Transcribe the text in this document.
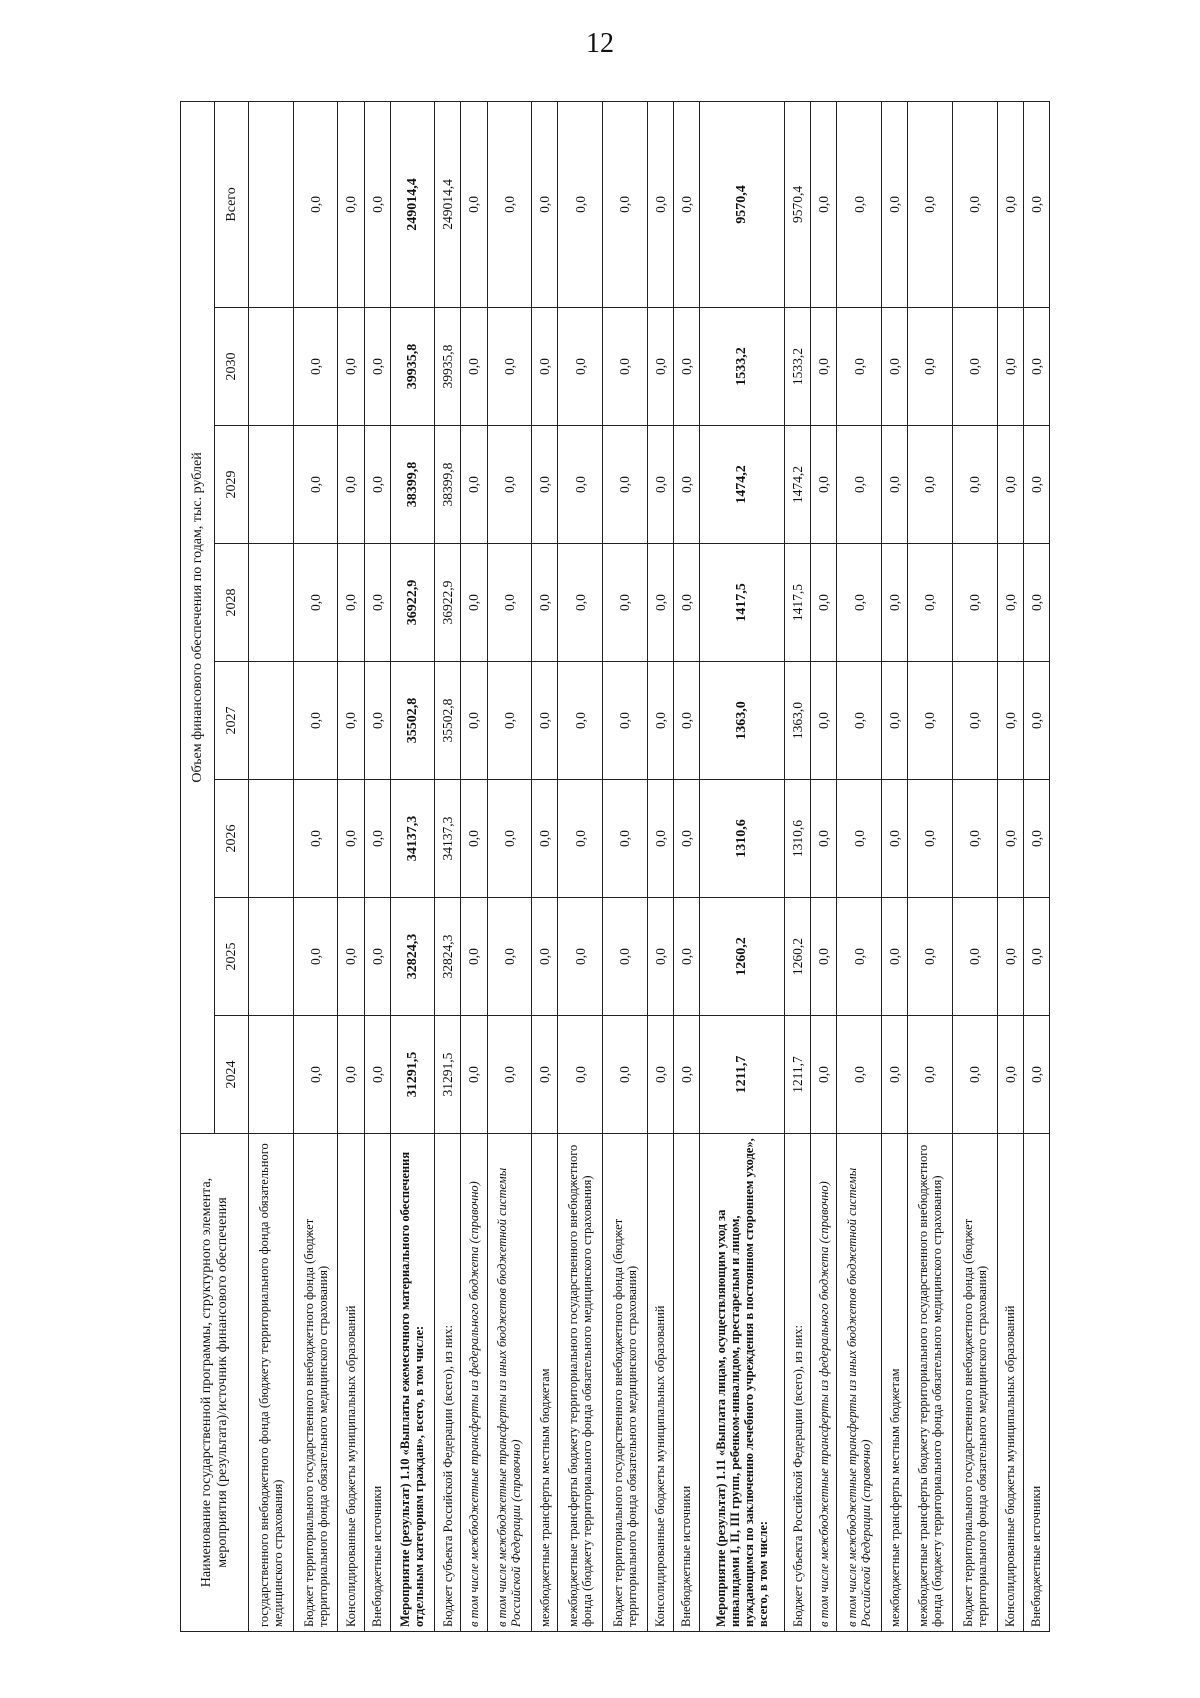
12
Наименование государственной программы, структурного элемента, мероприятия (результата)/источник финансового обеспечения	Объем финансового обеспечения по годам, тыс. рублей							
	2024	2025	2026	2027	2028	2029	2030	Всего
государственного внебюджетного фонда (бюджету территориального фонда обязательного медицинского страхования)								
Бюджет территориального государственного внебюджетного фонда (бюджет территориального фонда обязательного медицинского страхования)	0,0	0,0	0,0	0,0	0,0	0,0	0,0	0,0
Консолидированные бюджеты муниципальных образований	0,0	0,0	0,0	0,0	0,0	0,0	0,0	0,0
Внебюджетные источники	0,0	0,0	0,0	0,0	0,0	0,0	0,0	0,0
Мероприятие (результат) 1.10 «Выплаты ежемесячного материального обеспечения отдельным категориям граждан», всего, в том числе:	31291,5	32824,3	34137,3	35502,8	36922,9	38399,8	39935,8	249014,4
Бюджет субъекта Российской Федерации (всего), из них:	31291,5	32824,3	34137,3	35502,8	36922,9	38399,8	39935,8	249014,4
в том числе межбюджетные трансферты из федерального бюджета (справочно)	0,0	0,0	0,0	0,0	0,0	0,0	0,0	0,0
в том числе межбюджетные трансферты из иных бюджетов бюджетной системы Российской Федерации (справочно)	0,0	0,0	0,0	0,0	0,0	0,0	0,0	0,0
межбюджетные трансферты местным бюджетам	0,0	0,0	0,0	0,0	0,0	0,0	0,0	0,0
межбюджетные трансферты бюджету территориального государственного внебюджетного фонда (бюджету территориального фонда обязательного медицинского страхования)	0,0	0,0	0,0	0,0	0,0	0,0	0,0	0,0
Бюджет территориального государственного внебюджетного фонда (бюджет территориального фонда обязательного медицинского страхования)	0,0	0,0	0,0	0,0	0,0	0,0	0,0	0,0
Консолидированные бюджеты муниципальных образований	0,0	0,0	0,0	0,0	0,0	0,0	0,0	0,0
Внебюджетные источники	0,0	0,0	0,0	0,0	0,0	0,0	0,0	0,0
Мероприятие (результат) 1.11 «Выплата лицам, осуществляющим уход за инвалидами I, II, III групп, ребенком-инвалидом, престарелым и лицом, нуждающимся по заключению лечебного учреждения в постоянном стороннем уходе», всего, в том числе:	1211,7	1260,2	1310,6	1363,0	1417,5	1474,2	1533,2	9570,4
Бюджет субъекта Российской Федерации (всего), из них:	1211,7	1260,2	1310,6	1363,0	1417,5	1474,2	1533,2	9570,4
в том числе межбюджетные трансферты из федерального бюджета (справочно)	0,0	0,0	0,0	0,0	0,0	0,0	0,0	0,0
в том числе межбюджетные трансферты из иных бюджетов бюджетной системы Российской Федерации (справочно)	0,0	0,0	0,0	0,0	0,0	0,0	0,0	0,0
межбюджетные трансферты местным бюджетам	0,0	0,0	0,0	0,0	0,0	0,0	0,0	0,0
межбюджетные трансферты бюджету территориального государственного внебюджетного фонда (бюджету территориального фонда обязательного медицинского страхования)	0,0	0,0	0,0	0,0	0,0	0,0	0,0	0,0
Бюджет территориального государственного внебюджетного фонда (бюджет территориального фонда обязательного медицинского страхования)	0,0	0,0	0,0	0,0	0,0	0,0	0,0	0,0
Консолидированные бюджеты муниципальных образований	0,0	0,0	0,0	0,0	0,0	0,0	0,0	0,0
Внебюджетные источники	0,0	0,0	0,0	0,0	0,0	0,0	0,0	0,0
